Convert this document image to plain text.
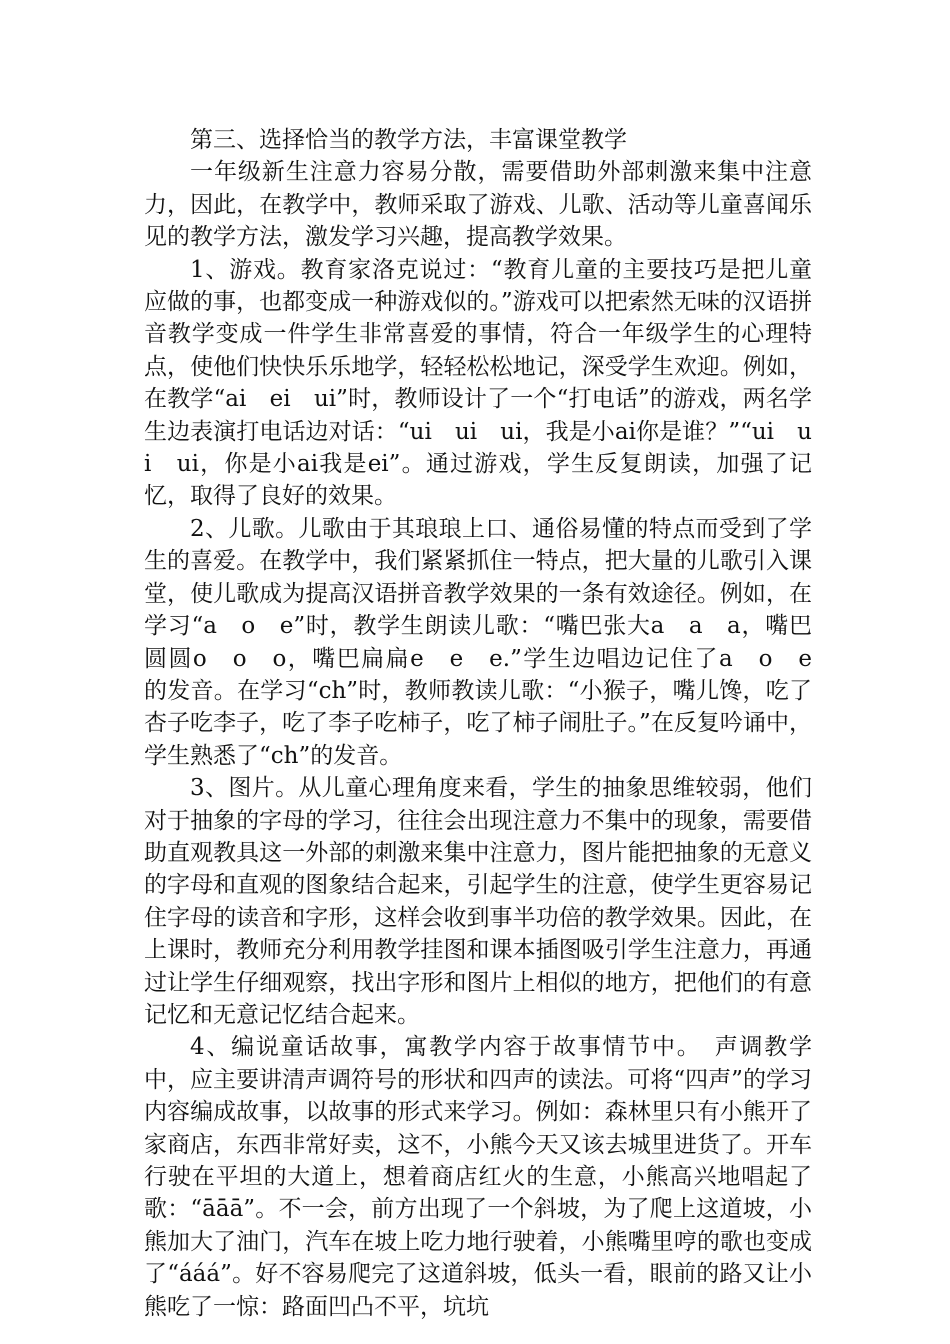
第三、选择恰当的教学方法，丰富课堂教学

一年级新生注意力容易分散，需要借助外部刺激来集中注意力，因此，在教学中，教师采取了游戏、儿歌、活动等儿童喜闻乐见的教学方法，激发学习兴趣，提高教学效果。

1、游戏。教育家洛克说过：“教育儿童的主要技巧是把儿童应做的事，也都变成一种游戏似的。”游戏可以把索然无味的汉语拼音教学变成一件学生非常喜爱的事情，符合一年级学生的心理特点，使他们快快乐乐地学，轻轻松松地记，深受学生欢迎。例如，在教学“ai　ei　ui”时，教师设计了一个“打电话”的游戏，两名学生边表演打电话边对话：“ui　ui　ui，我是小ai你是谁？”“ui　ui　ui，你是小ai我是ei”。通过游戏，学生反复朗读，加强了记忆，取得了良好的效果。

2、儿歌。儿歌由于其琅琅上口、通俗易懂的特点而受到了学生的喜爱。在教学中，我们紧紧抓住一特点，把大量的儿歌引入课堂，使儿歌成为提高汉语拼音教学效果的一条有效途径。例如，在学习“a　o　e”时，教学生朗读儿歌：“嘴巴张大a　a　a，嘴巴圆圆o　o　o，嘴巴扁扁e　e　e.”学生边唱边记住了a　o　e　的发音。在学习“ch”时，教师教读儿歌：“小猴子，嘴儿馋，吃了杏子吃李子，吃了李子吃柿子，吃了柿子闹肚子。”在反复吟诵中，学生熟悉了“ch”的发音。

3、图片。从儿童心理角度来看，学生的抽象思维较弱，他们对于抽象的字母的学习，往往会出现注意力不集中的现象，需要借助直观教具这一外部的刺激来集中注意力，图片能把抽象的无意义的字母和直观的图象结合起来，引起学生的注意，使学生更容易记住字母的读音和字形，这样会收到事半功倍的教学效果。因此，在上课时，教师充分利用教学挂图和课本插图吸引学生注意力，再通过让学生仔细观察，找出字形和图片上相似的地方，把他们的有意记忆和无意记忆结合起来。

4、编说童话故事，寓教学内容于故事情节中。　声调教学中，应主要讲清声调符号的形状和四声的读法。可将“四声”的学习内容编成故事，以故事的形式来学习。例如：森林里只有小熊开了家商店，东西非常好卖，这不，小熊今天又该去城里进货了。开车行驶在平坦的大道上，想着商店红火的生意，小熊高兴地唱起了歌：“āāā”。不一会，前方出现了一个斜坡，为了爬上这道坡，小熊加大了油门，汽车在坡上吃力地行驶着，小熊嘴里哼的歌也变成了“ááá”。好不容易爬完了这道斜坡，低头一看，眼前的路又让小熊吃了一惊：路面凹凸不平，坑坑
